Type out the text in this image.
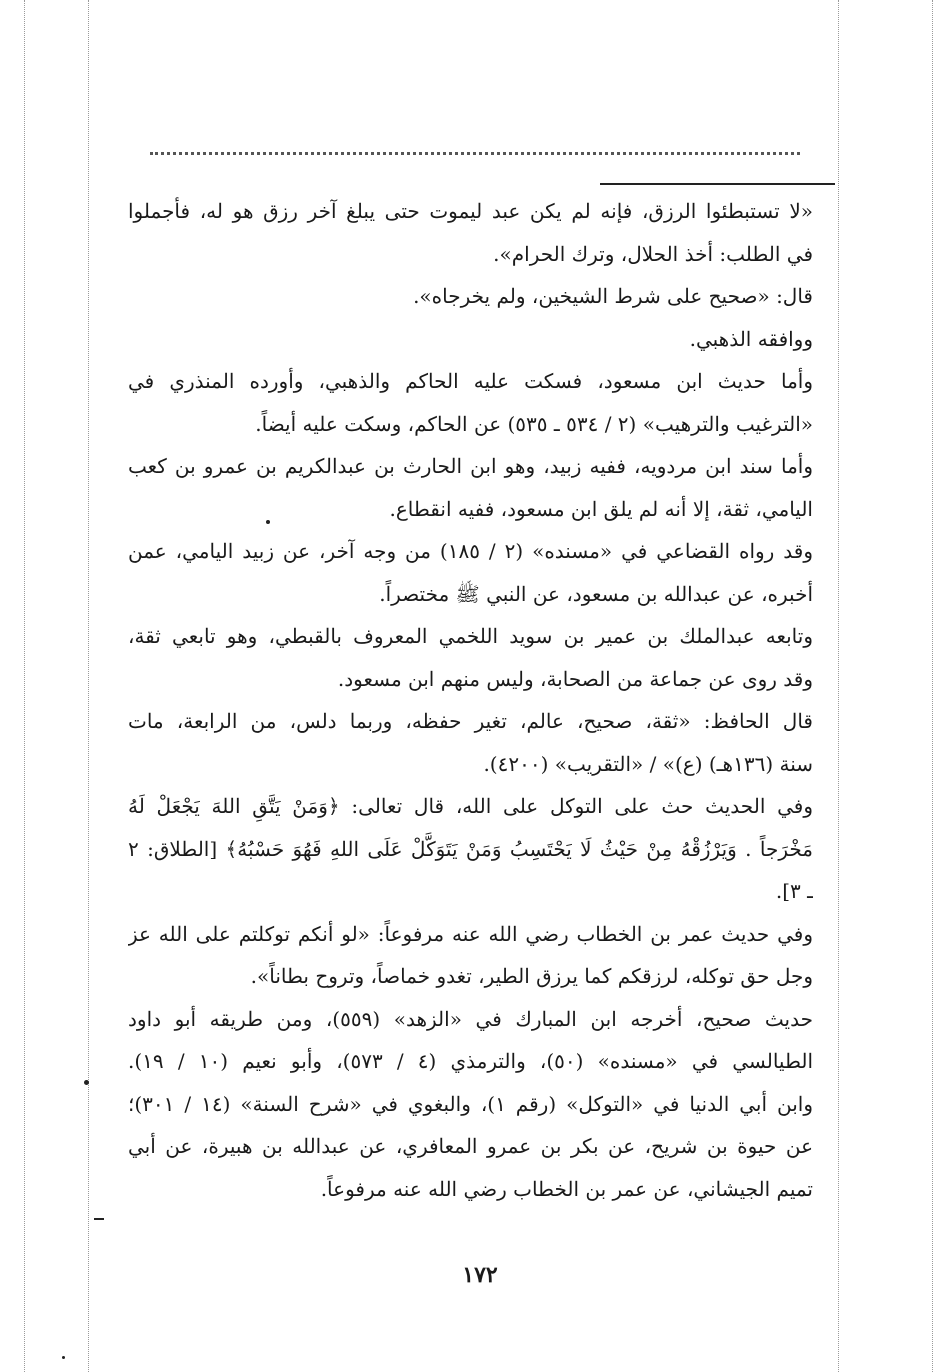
«لا تستبطئوا الرزق، فإنه لم يكن عبد ليموت حتى يبلغ آخر رزق هو له، فأجملوا
في الطلب: أخذ الحلال، وترك الحرام».
قال: «صحيح على شرط الشيخين، ولم يخرجاه».
ووافقه الذهبي.
وأما حديث ابن مسعود، فسكت عليه الحاكم والذهبي، وأورده المنذري في
«الترغيب والترهيب» (٢ / ٥٣٤ ـ ٥٣٥) عن الحاكم، وسكت عليه أيضاً.
وأما سند ابن مردويه، ففيه زبيد، وهو ابن الحارث بن عبدالكريم بن عمرو بن كعب
اليامي، ثقة، إلا أنه لم يلق ابن مسعود، ففيه انقطاع.
وقد رواه القضاعي في «مسنده» (٢ / ١٨٥) من وجه آخر، عن زبيد اليامي، عمن
أخبره، عن عبدالله بن مسعود، عن النبي ﷺ مختصراً.
وتابعه عبدالملك بن عمير بن سويد اللخمي المعروف بالقبطي، وهو تابعي ثقة،
وقد روى عن جماعة من الصحابة، وليس منهم ابن مسعود.
قال الحافظ: «ثقة، صحيح، عالم، تغير حفظه، وربما دلس، من الرابعة، مات
سنة (١٣٦هـ) (ع)» / «التقريب» (٤٢٠٠).
وفي الحديث حث على التوكل على الله، قال تعالى: ﴿وَمَنْ يَتَّقِ اللهَ يَجْعَلْ لَهُ
مَخْرَجاً . وَيَرْزُقْهُ مِنْ حَيْثُ لَا يَحْتَسِبُ وَمَنْ يَتَوَكَّلْ عَلَى اللهِ فَهُوَ حَسْبُهُ﴾ [الطلاق: ٢
ـ ٣].
وفي حديث عمر بن الخطاب رضي الله عنه مرفوعاً: «لو أنكم توكلتم على الله عز
وجل حق توكله، لرزقكم كما يرزق الطير، تغدو خماصاً، وتروح بطاناً».
حديث صحيح، أخرجه ابن المبارك في «الزهد» (٥٥٩)، ومن طريقه أبو داود
الطيالسي في «مسنده» (٥٠)، والترمذي (٤ / ٥٧٣)، وأبو نعيم (١٠ / ١٩).
وابن أبي الدنيا في «التوكل» (رقم ١)، والبغوي في «شرح السنة» (١٤ / ٣٠١)؛
عن حيوة بن شريح، عن بكر بن عمرو المعافري، عن عبدالله بن هبيرة، عن أبي
تميم الجيشاني، عن عمر بن الخطاب رضي الله عنه مرفوعاً.
١٧٢
